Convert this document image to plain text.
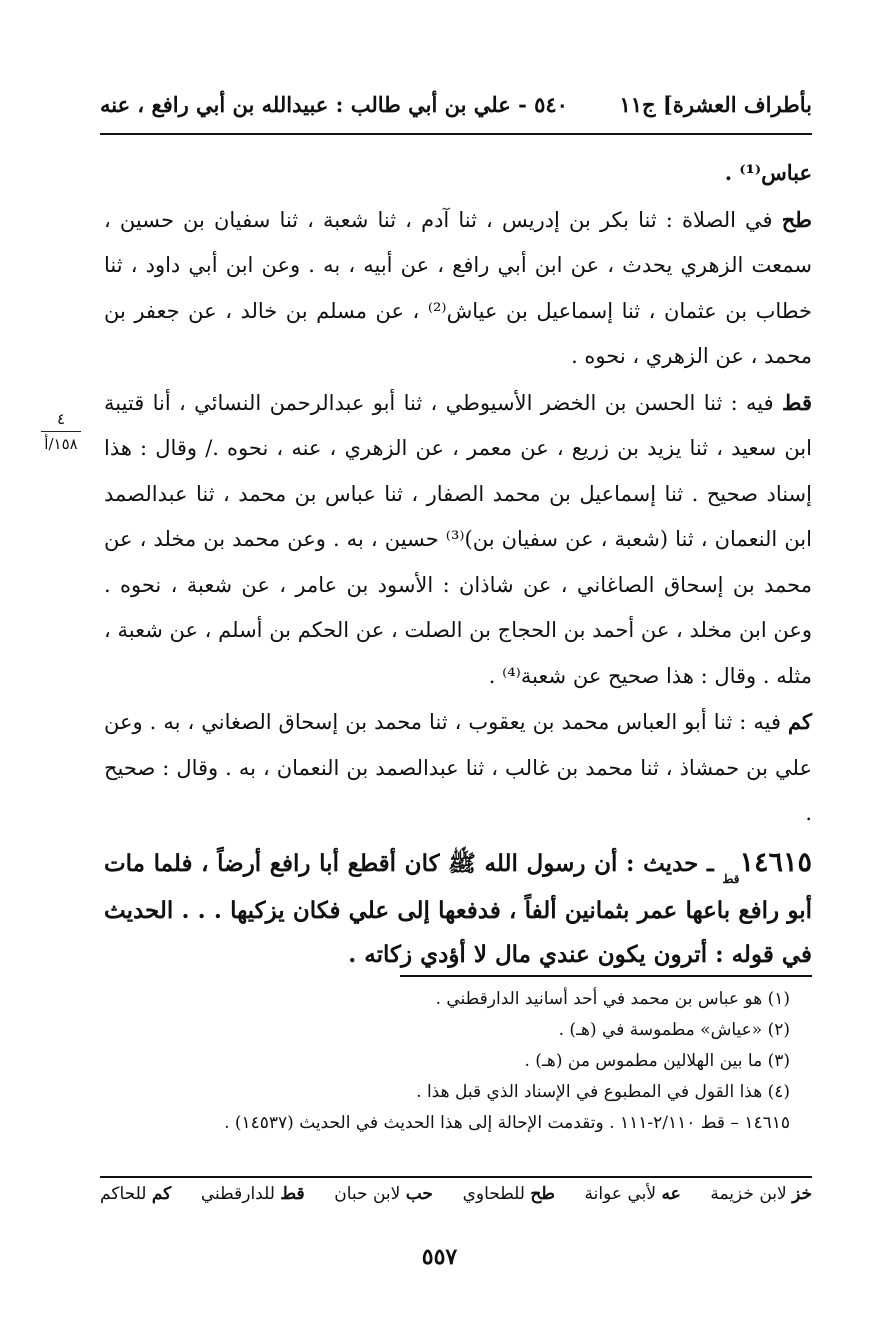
بأطراف العشرة] ج١١
٥٤٠ - علي بن أبي طالب : عبيدالله بن أبي رافع ، عنه
٤
١٥٨/أ

عباس⁽¹⁾ .

طح في الصلاة : ثنا بكر بن إدريس ، ثنا آدم ، ثنا شعبة ، ثنا سفيان بن حسين ، سمعت الزهري يحدث ، عن ابن أبي رافع ، عن أبيه ، به . وعن ابن أبي داود ، ثنا خطاب بن عثمان ، ثنا إسماعيل بن عياش⁽²⁾ ، عن مسلم بن خالد ، عن جعفر بن محمد ، عن الزهري ، نحوه .

قط فيه : ثنا الحسن بن الخضر الأسيوطي ، ثنا أبو عبدالرحمن النسائي ، أنا قتيبة ابن سعيد ، ثنا يزيد بن زريع ، عن معمر ، عن الزهري ، عنه ، نحوه ./ وقال : هذا إسناد صحيح . ثنا إسماعيل بن محمد الصفار ، ثنا عباس بن محمد ، ثنا عبدالصمد ابن النعمان ، ثنا (شعبة ، عن سفيان بن)⁽³⁾ حسين ، به . وعن محمد بن مخلد ، عن محمد بن إسحاق الصاغاني ، عن شاذان : الأسود بن عامر ، عن شعبة ، نحوه . وعن ابن مخلد ، عن أحمد بن الحجاج بن الصلت ، عن الحكم بن أسلم ، عن شعبة ، مثله . وقال : هذا صحيح عن شعبة⁽⁴⁾ .

كم فيه : ثنا أبو العباس محمد بن يعقوب ، ثنا محمد بن إسحاق الصغاني ، به . وعن علي بن حمشاذ ، ثنا محمد بن غالب ، ثنا عبدالصمد بن النعمان ، به . وقال : صحيح .

$١٤٦١٥_{قط}$ ـ حديث : أن رسول الله ﷺ كان أقطع أبا رافع أرضاً ، فلما مات أبو رافع باعها عمر بثمانين ألفاً ، فدفعها إلى علي فكان يزكيها . . . الحديث في قوله : أترون يكون عندي مال لا أؤدي زكاته .

(١) هو عباس بن محمد في أحد أسانيد الدارقطني .

(٢) «عياش» مطموسة في (هـ) .

(٣) ما بين الهلالين مطموس من (هـ) .

(٤) هذا القول في المطبوع في الإسناد الذي قبل هذا .

١٤٦١٥ – قط ٢/١١٠-١١١ . وتقدمت الإحالة إلى هذا الحديث في الحديث (١٤٥٣٧) .

خز لابن خزيمة
عه لأبي عوانة
طح للطحاوي
حب لابن حبان
قط للدارقطني
كم للحاكم
٥٥٧
